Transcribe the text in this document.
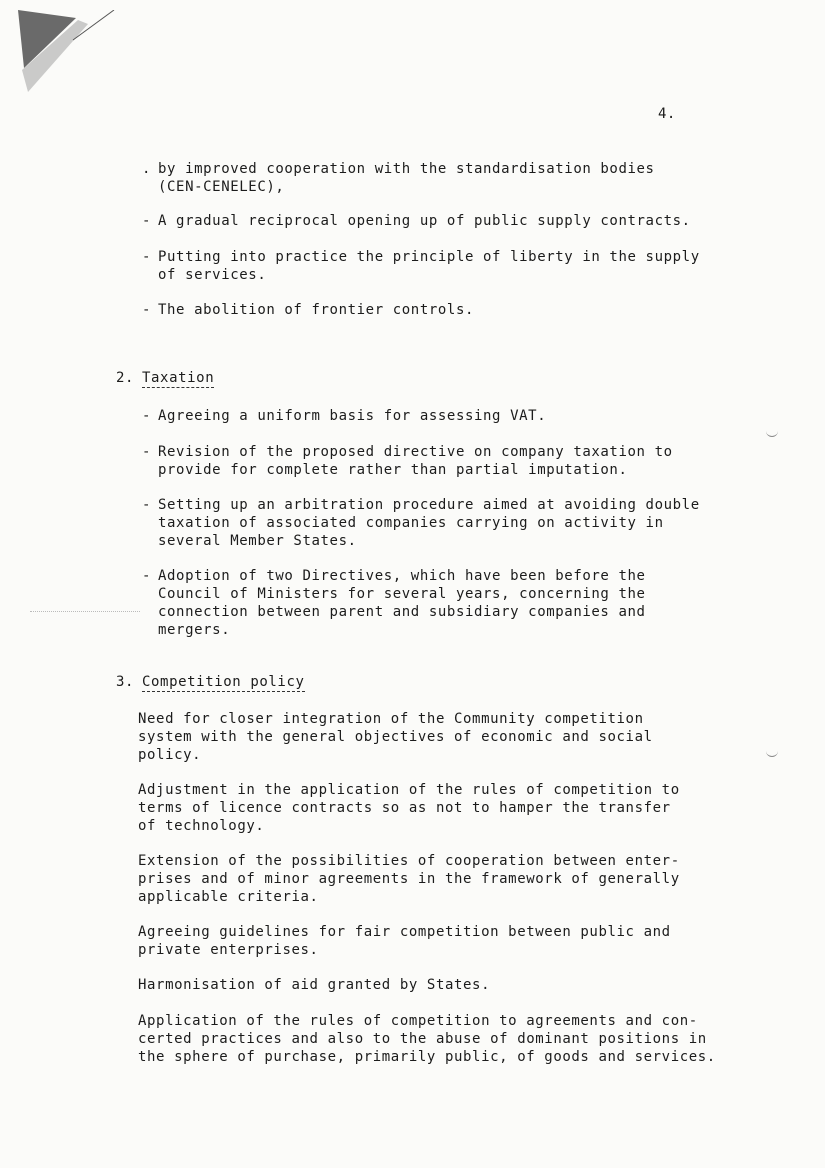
4.
. by improved cooperation with the standardisation bodies
(CEN-CENELEC),
- A gradual reciprocal opening up of public supply contracts.
- Putting into practice the principle of liberty in the supply
of services.
- The abolition of frontier controls.
2. Taxation
- Agreeing a uniform basis for assessing VAT.
- Revision of the proposed directive on company taxation to
provide for complete rather than partial imputation.
- Setting up an arbitration procedure aimed at avoiding double
taxation of associated companies carrying on activity in
several Member States.
- Adoption of two Directives, which have been before the
Council of Ministers for several years, concerning the
connection between parent and subsidiary companies and
mergers.
3. Competition policy
Need for closer integration of the Community competition
system with the general objectives of economic and social
policy.
Adjustment in the application of the rules of competition to
terms of licence contracts so as not to hamper the transfer
of technology.
Extension of the possibilities of cooperation between enter-
prises and of minor agreements in the framework of generally
applicable criteria.
Agreeing guidelines for fair competition between public and
private enterprises.
Harmonisation of aid granted by States.
Application of the rules of competition to agreements and con-
certed practices and also to the abuse of dominant positions in
the sphere of purchase, primarily public, of goods and services.
